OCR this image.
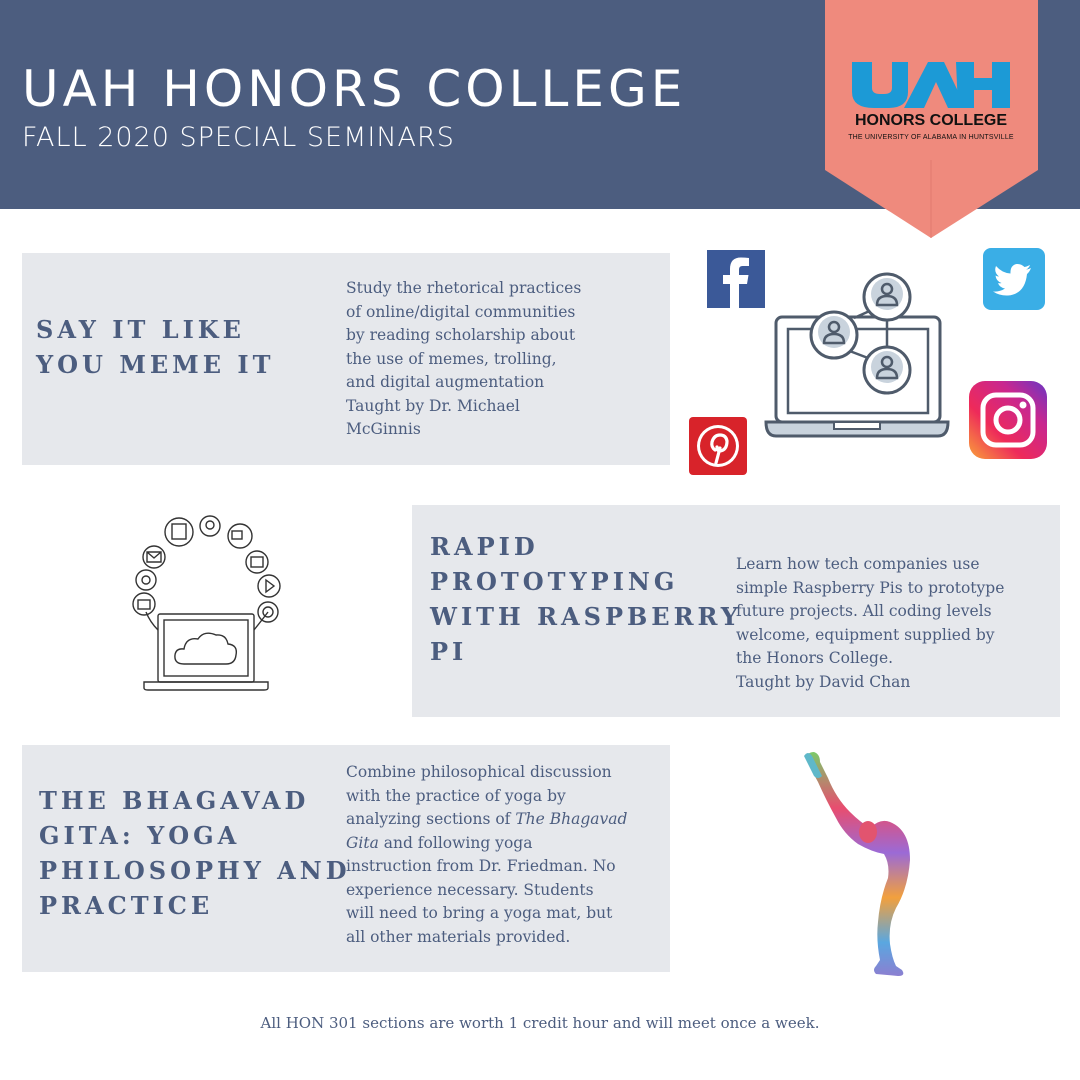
UAH HONORS COLLEGE
FALL 2020 SPECIAL SEMINARS
HONORS COLLEGE
THE UNIVERSITY OF ALABAMA IN HUNTSVILLE
SAY IT LIKE
YOU MEME IT
Study the rhetorical practices
of online/digital communities
by reading scholarship about
the use of memes, trolling,
and digital augmentation
Taught by Dr. Michael
McGinnis
RAPID
PROTOTYPING
WITH RASPBERRY
PI
Learn how tech companies use
simple Raspberry Pis to prototype
future projects. All coding levels
welcome, equipment supplied by
the Honors College.
Taught by David Chan
THE BHAGAVAD
GITA: YOGA
PHILOSOPHY AND
PRACTICE
Combine philosophical discussion
with the practice of yoga by
analyzing sections of The Bhagavad
Gita and following yoga
instruction from Dr. Friedman. No
experience necessary. Students
will need to bring a yoga mat, but
all other materials provided.
All HON 301 sections are worth 1 credit hour and will meet once a week.
